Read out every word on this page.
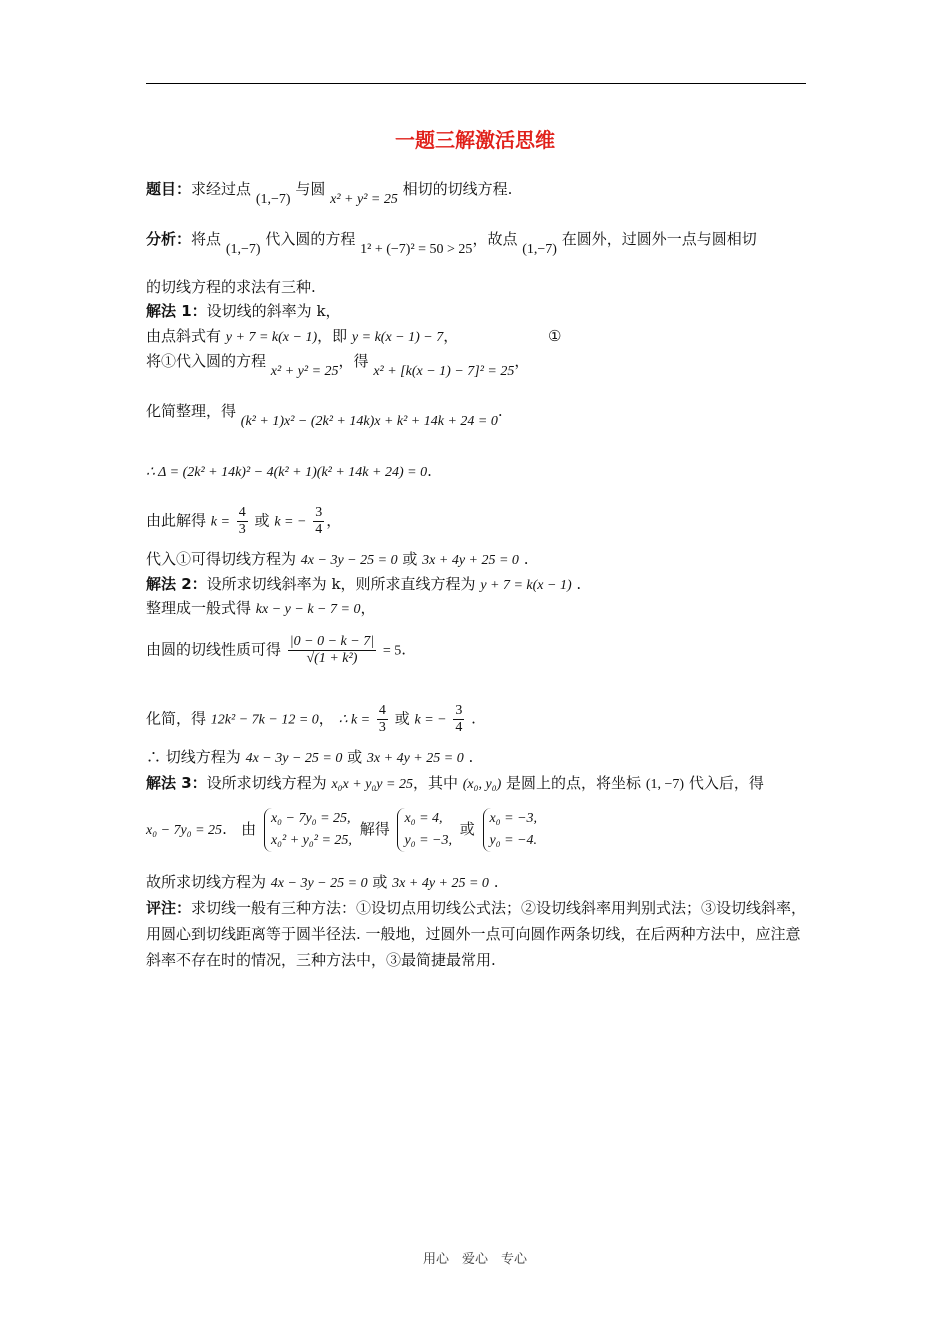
一题三解激活思维
题目：求经过点 (1,−7) 与圆 x² + y² = 25 相切的切线方程.
分析：将点 (1,−7) 代入圆的方程 1² + (−7)² = 50 > 25，故点 (1,−7) 在圆外，过圆外一点与圆相切
的切线方程的求法有三种.
解法 1：设切线的斜率为 k，
由点斜式有 y + 7 = k(x − 1)，即 y = k(x − 1) − 7，	①
将①代入圆的方程 x² + y² = 25，得 x² + [k(x − 1) − 7]² = 25，
化简整理，得 (k² + 1)x² − (2k² + 14k)x + k² + 14k + 24 = 0.
∴ Δ = (2k² + 14k)² − 4(k² + 1)(k² + 14k + 24) = 0.
由此解得 $k = \frac{4}{3}$ 或 k = − $\frac{3}{4}$ ，
代入①可得切线方程为 4x − 3y − 25 = 0 或 3x + 4y + 25 = 0 .
解法 2：设所求切线斜率为 k，则所求直线方程为 y + 7 = k(x − 1) .
整理成一般式得 kx − y − k − 7 = 0，
由圆的切线性质可得 $\frac{|0 - 0 - k - 7|}{\text{√(1 + k²)}} = 5$.
化简，得 12k² − 7k − 12 = 0， ∴ $k = \frac{4}{3}$ 或 k = − $\frac{3}{4}$ .
∴ 切线方程为 4x − 3y − 25 = 0 或 3x + 4y + 25 = 0 .
解法 3：设所求切线方程为 x₀x + y₀y = 25，其中 (x₀, y₀) 是圆上的点，将坐标 (1, −7) 代入后，得
x₀ − 7y₀ = 25. 由
x₀ − 7y₀ = 25,
x₀² + y₀² = 25,
解得
x₀ = 4,
y₀ = −3,
或
x₀ = −3,
y₀ = −4.
故所求切线方程为 4x − 3y − 25 = 0 或 3x + 4y + 25 = 0 .
评注：求切线一般有三种方法：①设切点用切线公式法；②设切线斜率用判别式法；③设切线斜率，用圆心到切线距离等于圆半径法. 一般地，过圆外一点可向圆作两条切线，在后两种方法中，应注意斜率不存在时的情况，三种方法中，③最简捷最常用.
用心　爱心　专心
